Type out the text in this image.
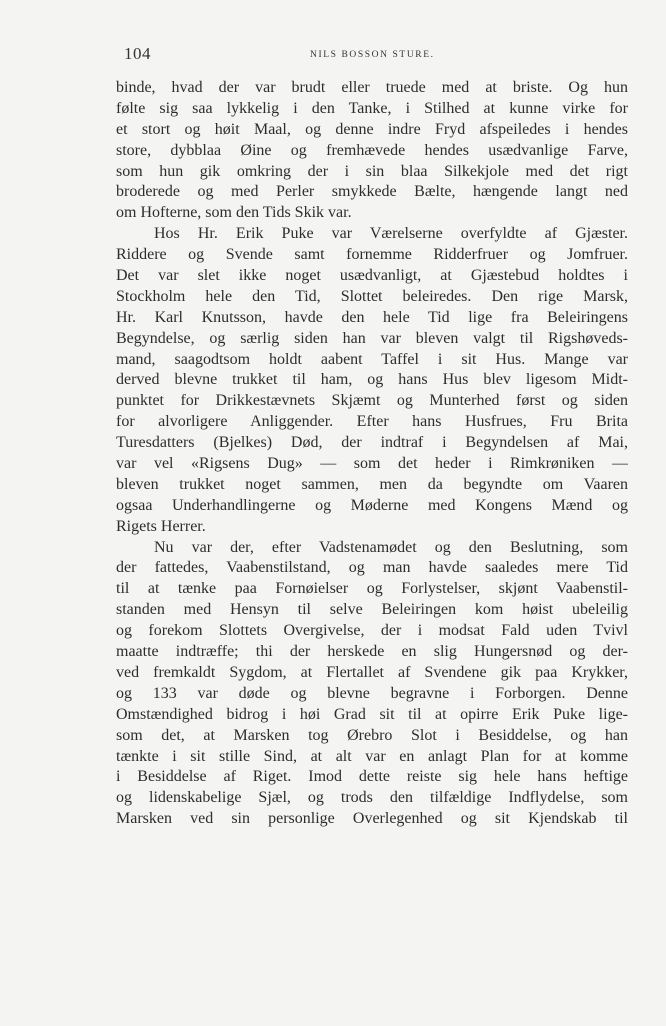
104	NILS BOSSON STURE.
binde, hvad der var brudt eller truede med at briste. Og hun
følte sig saa lykkelig i den Tanke, i Stilhed at kunne virke for
et stort og høit Maal, og denne indre Fryd afspeiledes i hendes
store, dybblaa Øine og fremhævede hendes usædvanlige Farve,
som hun gik omkring der i sin blaa Silkekjole med det rigt
broderede og med Perler smykkede Bælte, hængende langt ned
om Hofterne, som den Tids Skik var.
Hos Hr. Erik Puke var Værelserne overfyldte af Gjæster.
Riddere og Svende samt fornemme Ridderfruer og Jomfruer.
Det var slet ikke noget usædvanligt, at Gjæstebud holdtes i
Stockholm hele den Tid, Slottet beleiredes. Den rige Marsk,
Hr. Karl Knutsson, havde den hele Tid lige fra Beleiringens
Begyndelse, og særlig siden han var bleven valgt til Rigshøveds-
mand, saagodtsom holdt aabent Taffel i sit Hus. Mange var
derved blevne trukket til ham, og hans Hus blev ligesom Midt-
punktet for Drikkestævnets Skjæmt og Munterhed først og siden
for alvorligere Anliggender. Efter hans Husfrues, Fru Brita
Turesdatters (Bjelkes) Død, der indtraf i Begyndelsen af Mai,
var vel «Rigsens Dug» — som det heder i Rimkrøniken —
bleven trukket noget sammen, men da begyndte om Vaaren
ogsaa Underhandlingerne og Møderne med Kongens Mænd og
Rigets Herrer.
Nu var der, efter Vadstenamødet og den Beslutning, som
der fattedes, Vaabenstilstand, og man havde saaledes mere Tid
til at tænke paa Fornøielser og Forlystelser, skjønt Vaabenstil-
standen med Hensyn til selve Beleiringen kom høist ubeleilig
og forekom Slottets Overgivelse, der i modsat Fald uden Tvivl
maatte indtræffe; thi der herskede en slig Hungersnød og der-
ved fremkaldt Sygdom, at Flertallet af Svendene gik paa Krykker,
og 133 var døde og blevne begravne i Forborgen. Denne
Omstændighed bidrog i høi Grad sit til at opirre Erik Puke lige-
som det, at Marsken tog Ørebro Slot i Besiddelse, og han
tænkte i sit stille Sind, at alt var en anlagt Plan for at komme
i Besiddelse af Riget. Imod dette reiste sig hele hans heftige
og lidenskabelige Sjæl, og trods den tilfældige Indflydelse, som
Marsken ved sin personlige Overlegenhed og sit Kjendskab til
